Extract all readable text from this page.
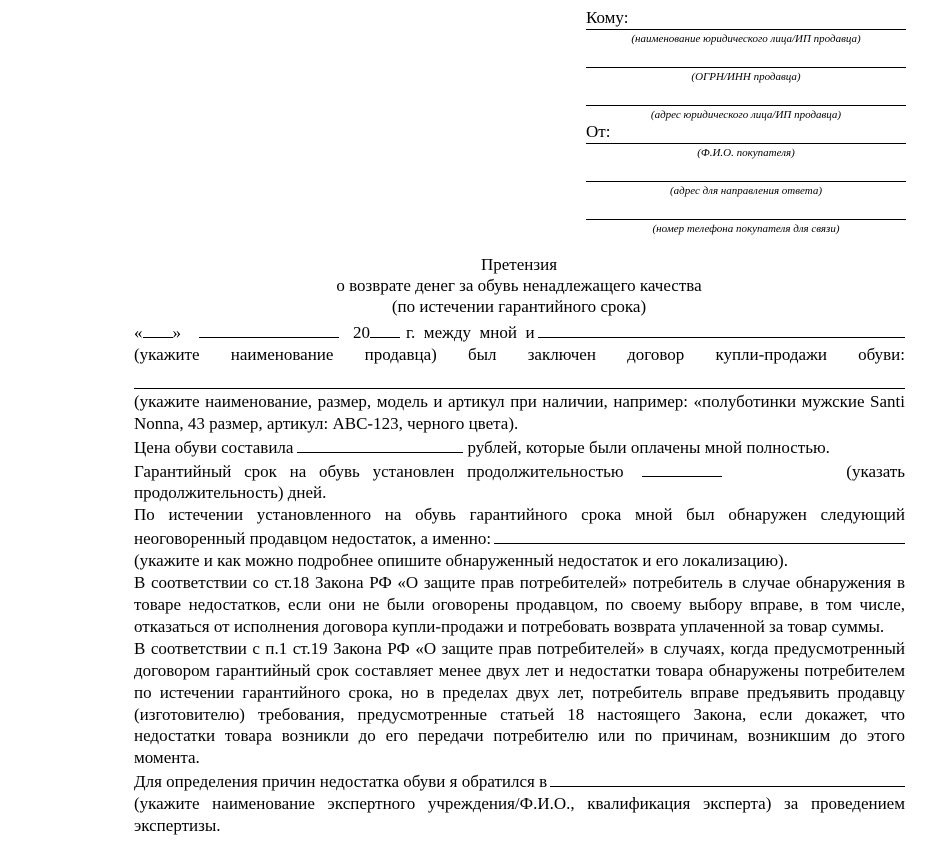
Кому:
(наименование юридического лица/ИП продавца)
(ОГРН/ИНН продавца)
(адрес юридического лица/ИП продавца)
От:
(Ф.И.О. покупателя)
(адрес для направления ответа)
(номер телефона покупателя для связи)
Претензия
о возврате денег за обувь ненадлежащего качества
(по истечении гарантийного срока)
« »	20 г.  между  мной  и

(укажите   наименование   продавца)   был   заключен   договор   купли-продажи   обуви:

(укажите наименование, размер, модель и артикул при наличии, например: «полуботинки мужские Santi Nonna, 43 размер, артикул: АВС-123, черного цвета).

Цена обуви составила	рублей, которые были оплачены мной полностью.
Гарантийный   срок   на   обувь   установлен   продолжительностью	(указать

продолжительность) дней.

По истечении установленного на обувь гарантийного срока мной был обнаружен следующий

неоговоренный продавцом недостаток, а именно:

(укажите и как можно подробнее опишите обнаруженный недостаток и его локализацию).

В соответствии со ст.18 Закона РФ «О защите прав потребителей» потребитель в случае обнаружения в товаре недостатков, если они не были оговорены продавцом, по своему выбору вправе, в том числе, отказаться от исполнения договора купли-продажи и потребовать возврата уплаченной за товар суммы.

В соответствии с п.1 ст.19 Закона РФ «О защите прав потребителей» в случаях, когда предусмотренный договором гарантийный срок составляет менее двух лет и недостатки товара обнаружены потребителем по истечении гарантийного срока, но в пределах двух лет, потребитель вправе предъявить продавцу (изготовителю) требования, предусмотренные статьей 18 настоящего Закона, если докажет, что недостатки товара возникли до его передачи потребителю или по причинам, возникшим до этого момента.

Для определения причин недостатка обуви я обратился в

(укажите наименование экспертного учреждения/Ф.И.О., квалификация эксперта) за проведением экспертизы.
